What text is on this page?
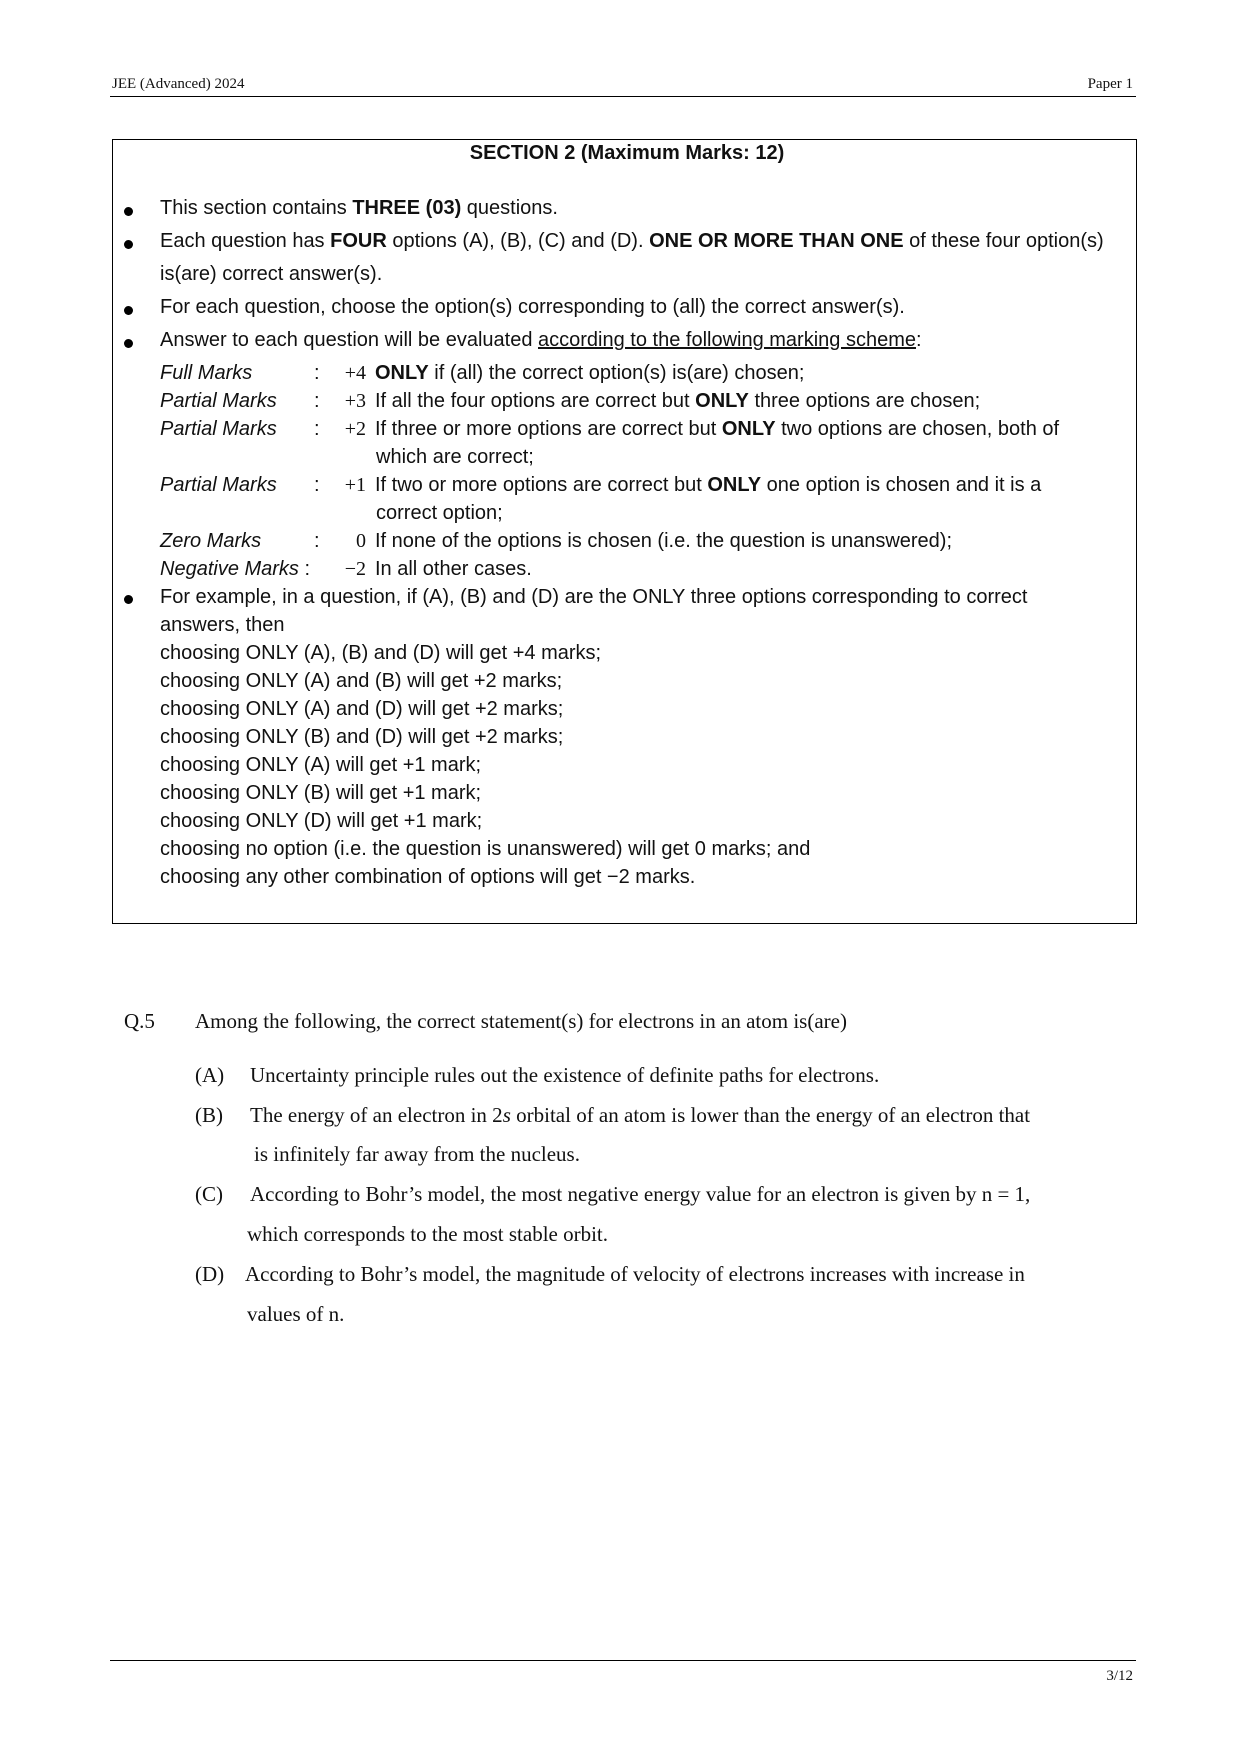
JEE (Advanced) 2024	Paper 1
SECTION 2 (Maximum Marks: 12)
This section contains THREE (03) questions.
Each question has FOUR options (A), (B), (C) and (D). ONE OR MORE THAN ONE of these four option(s)
is(are) correct answer(s).
For each question, choose the option(s) corresponding to (all) the correct answer(s).
Answer to each question will be evaluated according to the following marking scheme:
Full Marks	:	+4 ONLY if (all) the correct option(s) is(are) chosen;
Partial Marks :	+3 If all the four options are correct but ONLY three options are chosen;
Partial Marks :	+2 If three or more options are correct but ONLY two options are chosen, both of
which are correct;
Partial Marks :	+1 If two or more options are correct but ONLY one option is chosen and it is a
correct option;
Zero Marks	:	0 If none of the options is chosen (i.e. the question is unanswered);
Negative Marks :	−2 In all other cases.
For example, in a question, if (A), (B) and (D) are the ONLY three options corresponding to correct
answers, then
choosing ONLY (A), (B) and (D) will get +4 marks;
choosing ONLY (A) and (B) will get +2 marks;
choosing ONLY (A) and (D) will get +2 marks;
choosing ONLY (B) and (D) will get +2 marks;
choosing ONLY (A) will get +1 mark;
choosing ONLY (B) will get +1 mark;
choosing ONLY (D) will get +1 mark;
choosing no option (i.e. the question is unanswered) will get 0 marks; and
choosing any other combination of options will get −2 marks.
Q.5 Among the following, the correct statement(s) for electrons in an atom is(are)
(A) Uncertainty principle rules out the existence of definite paths for electrons.
(B) The energy of an electron in 2s orbital of an atom is lower than the energy of an electron that
is infinitely far away from the nucleus.
(C) According to Bohr’s model, the most negative energy value for an electron is given by n = 1,
which corresponds to the most stable orbit.
(D) According to Bohr’s model, the magnitude of velocity of electrons increases with increase in
values of n.
3/12
